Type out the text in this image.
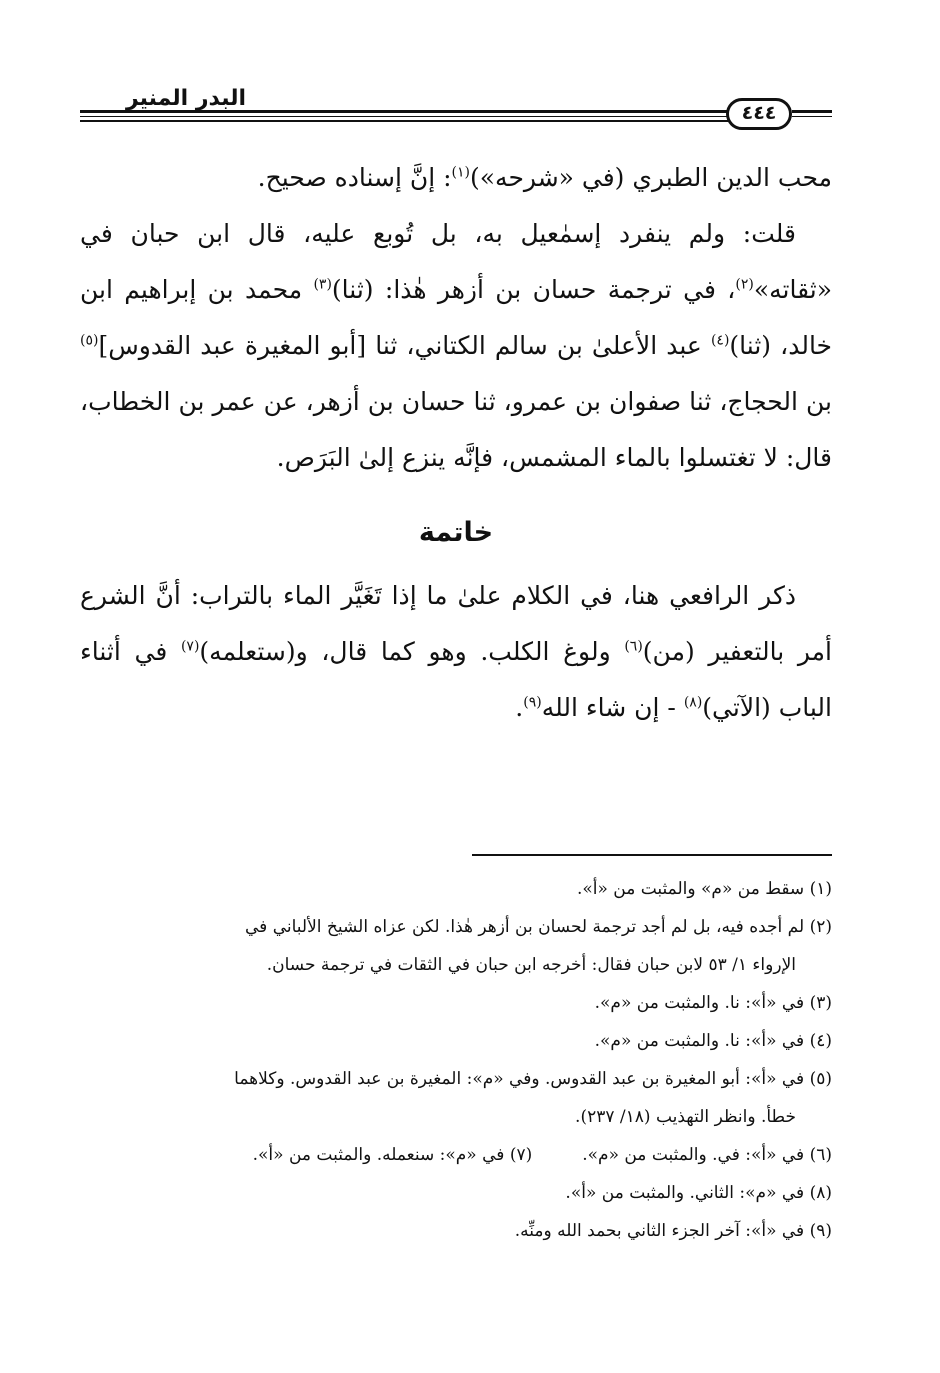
البدر المنير
٤٤٤

محب الدين الطبري (في «شرحه»)$^{(١)}$: إنَّ إسناده صحيح.

قلت: ولم ينفرد إسمٰعيل به، بل تُوبع عليه، قال ابن حبان في «ثقاته»$^{(٢)}$، في ترجمة حسان بن أزهر هٰذا: (ثنا)$^{(٣)}$ محمد بن إبراهيم ابن خالد، (ثنا)$^{(٤)}$ عبد الأعلىٰ بن سالم الكتاني، ثنا [أبو المغيرة عبد القدوس]$^{(٥)}$ بن الحجاج، ثنا صفوان بن عمرو، ثنا حسان بن أزهر، عن عمر بن الخطاب، قال: لا تغتسلوا بالماء المشمس، فإنَّه ينزع إلىٰ البَرَص.

خاتمة

ذكر الرافعي هنا، في الكلام علىٰ ما إذا تَغَيَّر الماء بالتراب: أنَّ الشرع أمر بالتعفير (من)$^{(٦)}$ ولوغ الكلب. وهو كما قال، و(ستعلمه)$^{(٧)}$ في أثناء الباب (الآتي)$^{(٨)}$ - إن شاء الله$^{(٩)}$.

(١) سقط من «م» والمثبت من «أ».

(٢) لم أجده فيه، بل لم أجد ترجمة لحسان بن أزهر هٰذا. لكن عزاه الشيخ الألباني في

الإرواء ١/ ٥٣ لابن حبان فقال: أخرجه ابن حبان في الثقات في ترجمة حسان.

(٣) في «أ»: نا. والمثبت من «م».

(٤) في «أ»: نا. والمثبت من «م».

(٥) في «أ»: أبو المغيرة بن عبد القدوس. وفي «م»: المغيرة بن عبد القدوس. وكلاهما

خطأ. وانظر التهذيب (١٨/ ٢٣٧).

(٦) في «أ»: في. والمثبت من «م».
(٧) في «م»: سنعمله. والمثبت من «أ».

(٨) في «م»: الثاني. والمثبت من «أ».

(٩) في «أ»: آخر الجزء الثاني بحمد الله ومنِّه.
